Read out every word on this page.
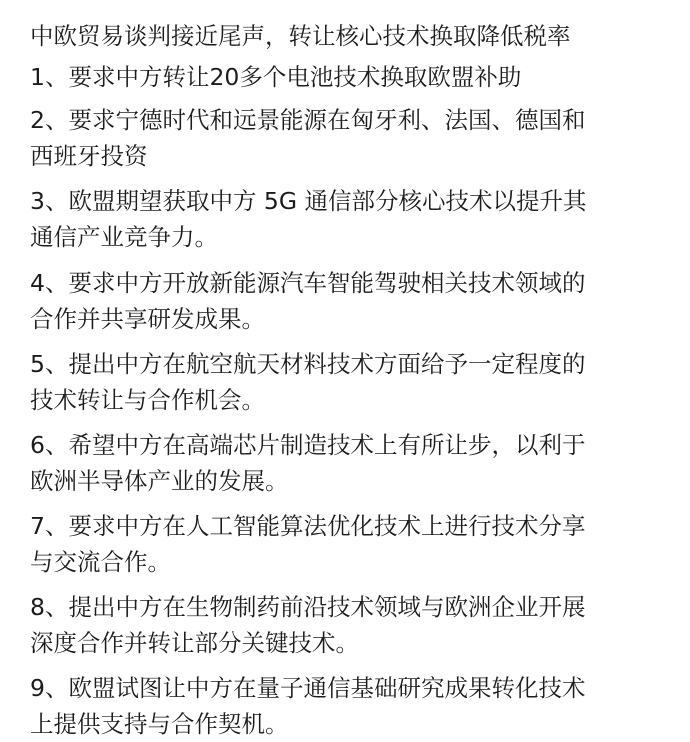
中欧贸易谈判接近尾声，转让核心技术换取降低税率

1、要求中方转让20多个电池技术换取欧盟补助
2、要求宁德时代和远景能源在匈牙利、法国、德国和
西班牙投资
3、欧盟期望获取中方 5G 通信部分核心技术以提升其
通信产业竞争力。
4、要求中方开放新能源汽车智能驾驶相关技术领域的
合作并共享研发成果。
5、提出中方在航空航天材料技术方面给予一定程度的
技术转让与合作机会。
6、希望中方在高端芯片制造技术上有所让步，以利于
欧洲半导体产业的发展。
7、要求中方在人工智能算法优化技术上进行技术分享
与交流合作。
8、提出中方在生物制药前沿技术领域与欧洲企业开展
深度合作并转让部分关键技术。
9、欧盟试图让中方在量子通信基础研究成果转化技术
上提供支持与合作契机。
